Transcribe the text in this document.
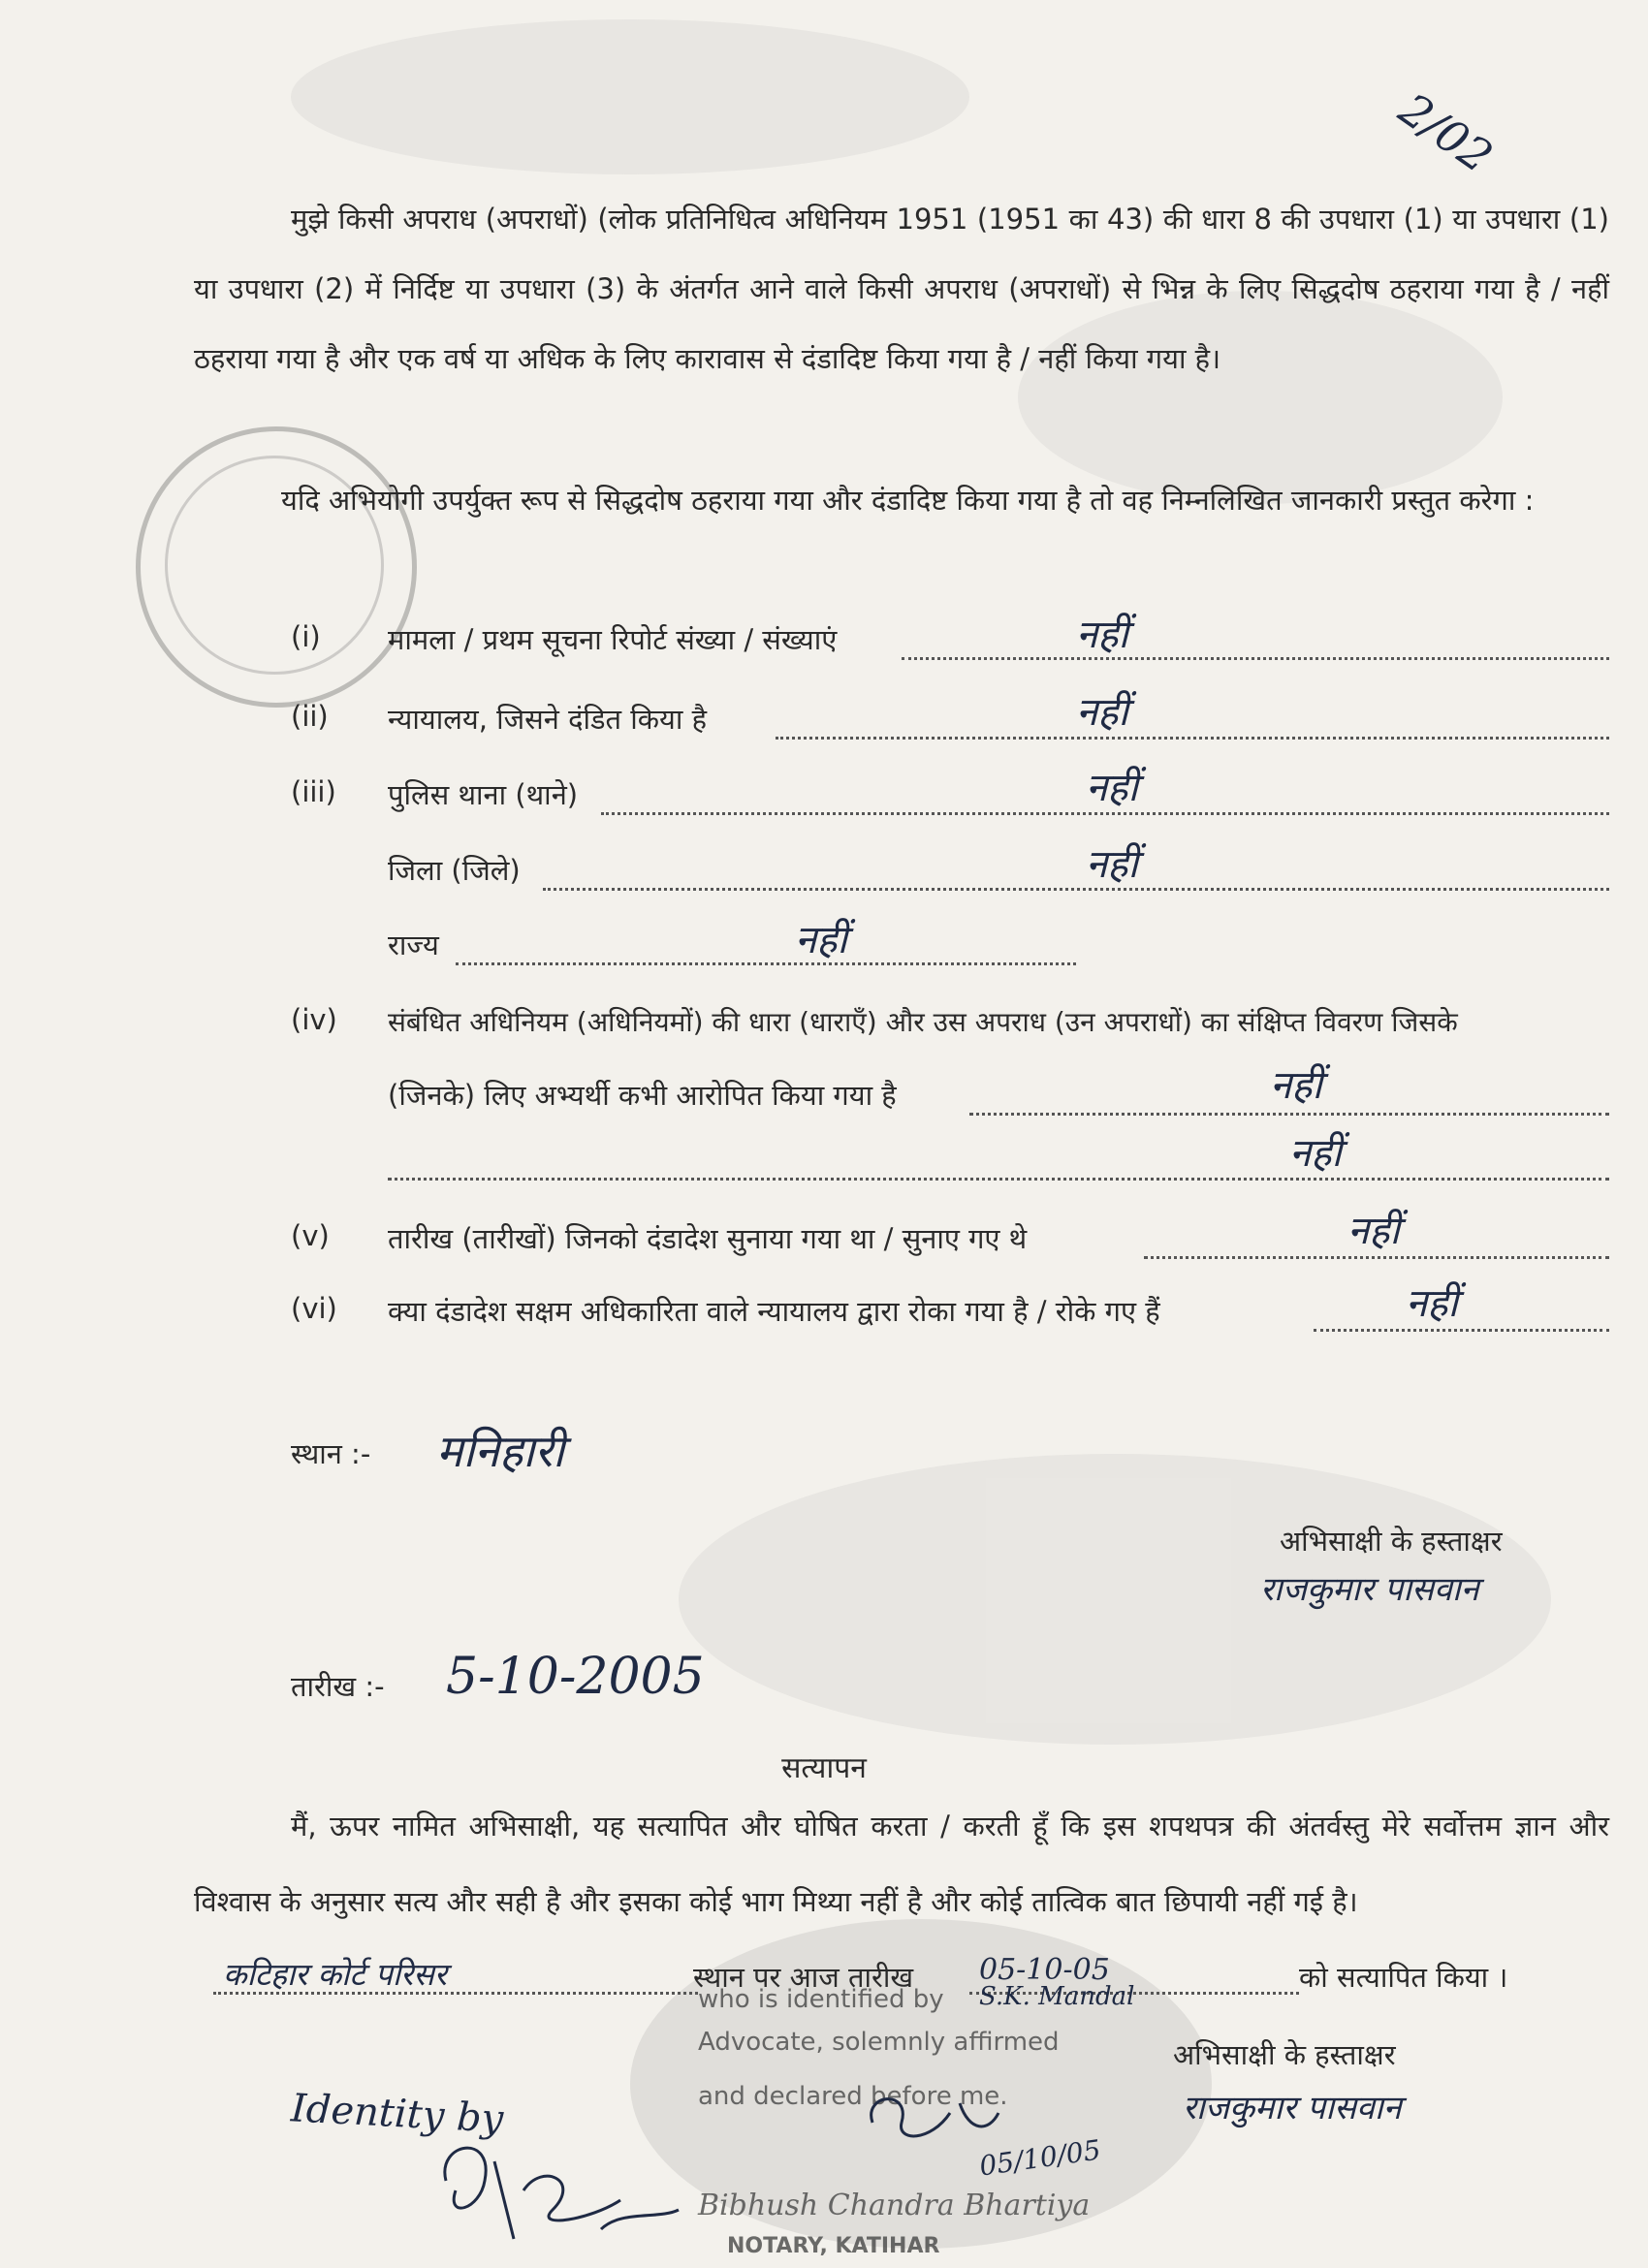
2/02

मुझे किसी अपराध (अपराधों) (लोक प्रतिनिधित्व अधिनियम 1951 (1951 का 43) की धारा 8 की उपधारा (1) या उपधारा (1) या उपधारा (2) में निर्दिष्ट या उपधारा (3) के अंतर्गत आने वाले किसी अपराध (अपराधों) से भिन्न के लिए सिद्धदोष ठहराया गया है / नहीं ठहराया गया है और एक वर्ष या अधिक के लिए कारावास से दंडादिष्ट किया गया है / नहीं किया गया है।

यदि अभियोगी उपर्युक्त रूप से सिद्धदोष ठहराया गया और दंडादिष्ट किया गया है तो वह निम्नलिखित जानकारी प्रस्तुत करेगा :

(i) मामला / प्रथम सूचना रिपोर्ट संख्या / संख्याएं	नहीं
(ii) न्यायालय, जिसने दंडित किया है	नहीं
(iii) पुलिस थाना (थाने)	नहीं
जिला (जिले)	नहीं
राज्य	नहीं
(iv) संबंधित अधिनियम (अधिनियमों) की धारा (धाराएँ) और उस अपराध (उन अपराधों) का संक्षिप्त विवरण जिसके
(जिनके) लिए अभ्यर्थी कभी आरोपित किया गया है	नहीं
नहीं
(v) तारीख (तारीखों) जिनको दंडादेश सुनाया गया था / सुनाए गए थे	नहीं
(vi) क्या दंडादेश सक्षम अधिकारिता वाले न्यायालय द्वारा रोका गया है / रोके गए हैं	नहीं
स्थान :- मनिहारी
अभिसाक्षी के हस्ताक्षर
राजकुमार पासवान
तारीख :- 5-10-2005
सत्यापन

मैं, ऊपर नामित अभिसाक्षी, यह सत्यापित और घोषित करता / करती हूँ कि इस शपथपत्र की अंतर्वस्तु मेरे सर्वोत्तम ज्ञान और विश्वास के अनुसार सत्य और सही है और इसका कोई भाग मिथ्या नहीं है और कोई तात्विक बात छिपायी नहीं गई है।

कटिहार कोर्ट परिसर	स्थान पर आज तारीख 05-10-05	को सत्यापित किया ।
अभिसाक्षी के हस्ताक्षर
राजकुमार पासवान
who is identified by S.K. Mandal
Advocate, solemnly affirmed
and declared before me.
Identity by
Bibhush Chandra Bhartiya
NOTARY, KATIHAR
05/10/05
